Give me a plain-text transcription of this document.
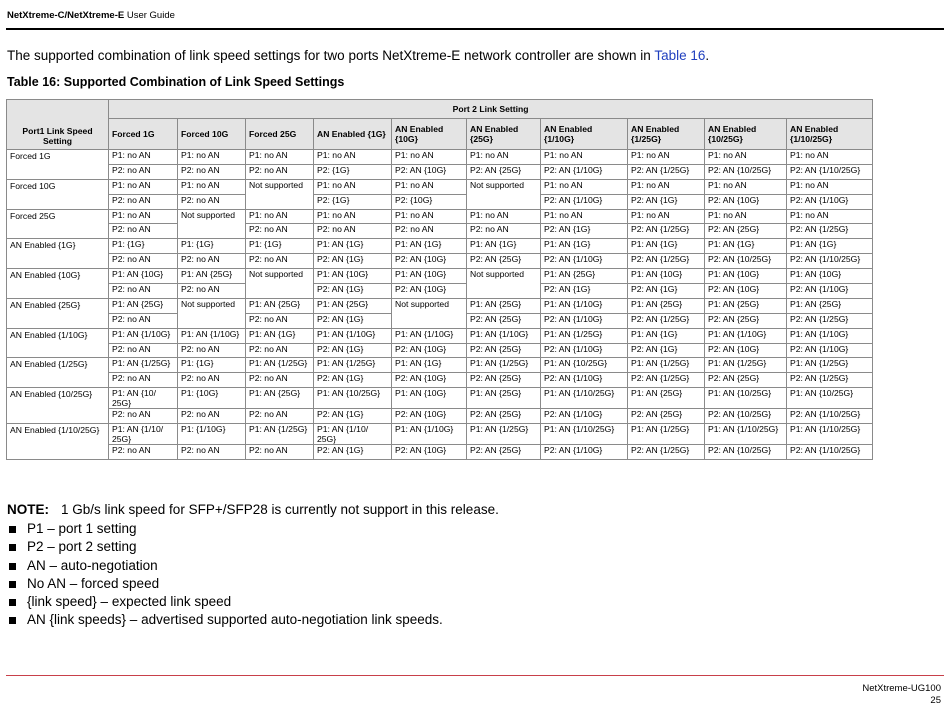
NetXtreme-C/NetXtreme-E User Guide
The supported combination of link speed settings for two ports NetXtreme-E network controller are shown in Table 16.
Table 16: Supported Combination of Link Speed Settings
Port1 Link Speed Setting	Port 2 Link Setting									
	Forced 1G	Forced 10G	Forced 25G	AN Enabled {1G}	AN Enabled {10G}	AN Enabled {25G}	AN Enabled {1/10G}	AN Enabled {1/25G}	AN Enabled {10/25G}	AN Enabled {1/10/25G}
Forced 1G	P1: no AN	P1: no AN	P1: no AN	P1: no AN	P1: no AN	P1: no AN	P1: no AN	P1: no AN	P1: no AN	P1: no AN
	P2: no AN	P2: no AN	P2: no AN	P2: {1G}	P2: AN {10G}	P2: AN {25G}	P2: AN {1/10G}	P2: AN {1/25G}	P2: AN {10/25G}	P2: AN {1/10/25G}
Forced 10G	P1: no AN	P1: no AN	Not supported	P1: no AN	P1: no AN	Not supported	P1: no AN	P1: no AN	P1: no AN	P1: no AN
	P2: no AN	P2: no AN		P2: {1G}	P2: {10G}		P2: AN {1/10G}	P2: AN {1G}	P2: AN {10G}	P2: AN {1/10G}
Forced 25G	P1: no AN	Not supported	P1: no AN	P1: no AN	P1: no AN	P1: no AN	P1: no AN	P1: no AN	P1: no AN	P1: no AN
	P2: no AN		P2: no AN	P2: no AN	P2: no AN	P2: no AN	P2: AN {1G}	P2: AN {1/25G}	P2: AN {25G}	P2: AN {1/25G}
AN Enabled {1G}	P1: {1G}	P1: {1G}	P1: {1G}	P1: AN {1G}	P1: AN {1G}	P1: AN {1G}	P1: AN {1G}	P1: AN {1G}	P1: AN {1G}	P1: AN {1G}
	P2: no AN	P2: no AN	P2: no AN	P2: AN {1G}	P2: AN {10G}	P2: AN {25G}	P2: AN {1/10G}	P2: AN {1/25G}	P2: AN {10/25G}	P2: AN {1/10/25G}
AN Enabled {10G}	P1: AN {10G}	P1: AN {25G}	Not supported	P1: AN {10G}	P1: AN {10G}	Not supported	P1: AN {25G}	P1: AN {10G}	P1: AN {10G}	P1: AN {10G}
	P2: no AN	P2: no AN		P2: AN {1G}	P2: AN {10G}		P2: AN {1G}	P2: AN {1G}	P2: AN {10G}	P2: AN {1/10G}
AN Enabled {25G}	P1: AN {25G}	Not supported	P1: AN {25G}	P1: AN {25G}	Not supported	P1: AN {25G}	P1: AN {1/10G}	P1: AN {25G}	P1: AN {25G}	P1: AN {25G}
	P2: no AN		P2: no AN	P2: AN {1G}		P2: AN {25G}	P2: AN {1/10G}	P2: AN {1/25G}	P2: AN {25G}	P2: AN {1/25G}
AN Enabled {1/10G}	P1: AN {1/10G}	P1: AN {1/10G}	P1: AN {1G}	P1: AN {1/10G}	P1: AN {1/10G}	P1: AN {1/10G}	P1: AN {1/25G}	P1: AN {1G}	P1: AN {1/10G}	P1: AN {1/10G}
	P2: no AN	P2: no AN	P2: no AN	P2: AN {1G}	P2: AN {10G}	P2: AN {25G}	P2: AN {1/10G}	P2: AN {1G}	P2: AN {10G}	P2: AN {1/10G}
AN Enabled {1/25G}	P1: AN {1/25G}	P1: {1G}	P1: AN {1/25G}	P1: AN {1/25G}	P1: AN {1G}	P1: AN {1/25G}	P1: AN {10/25G}	P1: AN {1/25G}	P1: AN {1/25G}	P1: AN {1/25G}
	P2: no AN	P2: no AN	P2: no AN	P2: AN {1G}	P2: AN {10G}	P2: AN {25G}	P2: AN {1/10G}	P2: AN {1/25G}	P2: AN {25G}	P2: AN {1/25G}
AN Enabled {10/25G}	P1: AN {10/ 25G}	P1: {10G}	P1: AN {25G}	P1: AN {10/25G}	P1: AN {10G}	P1: AN {25G}	P1: AN {1/10/25G}	P1: AN {25G}	P1: AN {10/25G}	P1: AN {10/25G}
	P2: no AN	P2: no AN	P2: no AN	P2: AN {1G}	P2: AN {10G}	P2: AN {25G}	P2: AN {1/10G}	P2: AN {25G}	P2: AN {10/25G}	P2: AN {1/10/25G}
AN Enabled {1/10/25G}	P1: AN {1/10/ 25G}	P1: {1/10G}	P1: AN {1/25G}	P1: AN {1/10/ 25G}	P1: AN {1/10G}	P1: AN {1/25G}	P1: AN {1/10/25G}	P1: AN {1/25G}	P1: AN {1/10/25G}	P1: AN {1/10/25G}
	P2: no AN	P2: no AN	P2: no AN	P2: AN {1G}	P2: AN {10G}	P2: AN {25G}	P2: AN {1/10G}	P2: AN {1/25G}	P2: AN {10/25G}	P2: AN {1/10/25G}
NOTE: 1 Gb/s link speed for SFP+/SFP28 is currently not support in this release.
P1 – port 1 setting
P2 – port 2 setting
AN – auto-negotiation
No AN – forced speed
{link speed} – expected link speed
AN {link speeds} – advertised supported auto-negotiation link speeds.
NetXtreme-UG100
25
